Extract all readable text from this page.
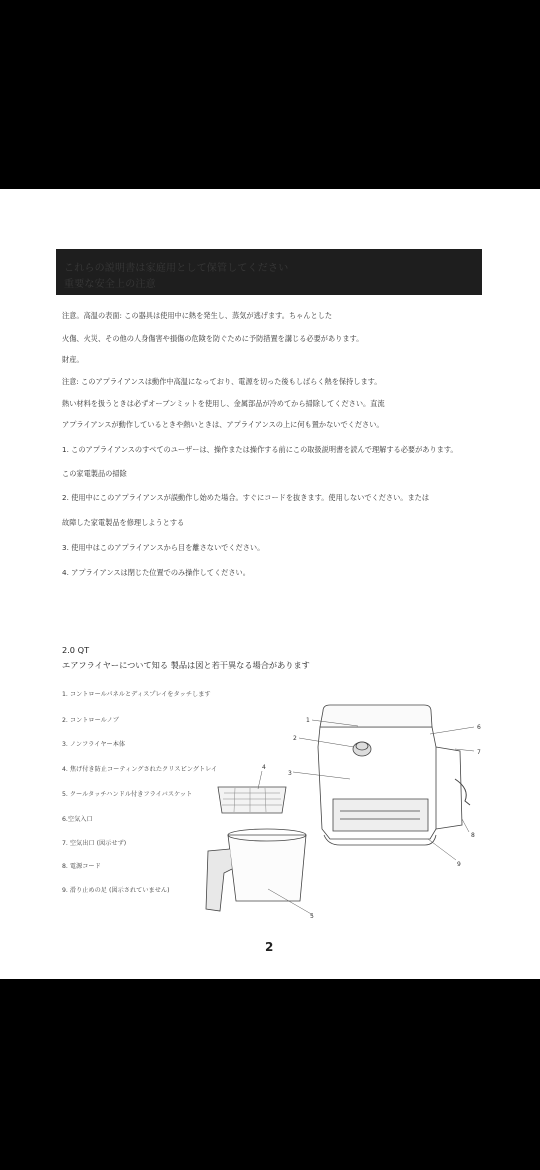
これらの説明書は家庭用として保管してください
重要な安全上の注意
注意。高温の表面: この器具は使用中に熱を発生し、蒸気が逃げます。ちゃんとした
火傷、火災、その他の人身傷害や損傷の危険を防ぐために予防措置を講じる必要があります。
財産。
注意: このアプライアンスは動作中高温になっており、電源を切った後もしばらく熱を保持します。
熱い材料を扱うときは必ずオーブンミットを使用し、金属部品が冷めてから掃除してください。直流
アプライアンスが動作しているときや熱いときは、アプライアンスの上に何も置かないでください。
1. このアプライアンスのすべてのユーザーは、操作または操作する前にこの取扱説明書を読んで理解する必要があります。
この家電製品の掃除
2. 使用中にこのアプライアンスが誤動作し始めた場合。すぐにコードを抜きます。使用しないでください。または
故障した家電製品を修理しようとする
3. 使用中はこのアプライアンスから目を離さないでください。
4. アプライアンスは閉じた位置でのみ操作してください。
2.0 QT
エアフライヤーについて知る 製品は図と若干異なる場合があります
1. コントロールパネルとディスプレイをタッチします
2. コントロールノブ
3. ノンフライヤー本体
4. 焦げ付き防止コーティングされたクリスピングトレイ
5. クールタッチハンドル付きフライバスケット
6.空気入口
7. 空気出口 (図示せず)
8. 電源コード
9. 滑り止めの足 (図示されていません)
1
2
3
4
5
6
7
8
9
2
